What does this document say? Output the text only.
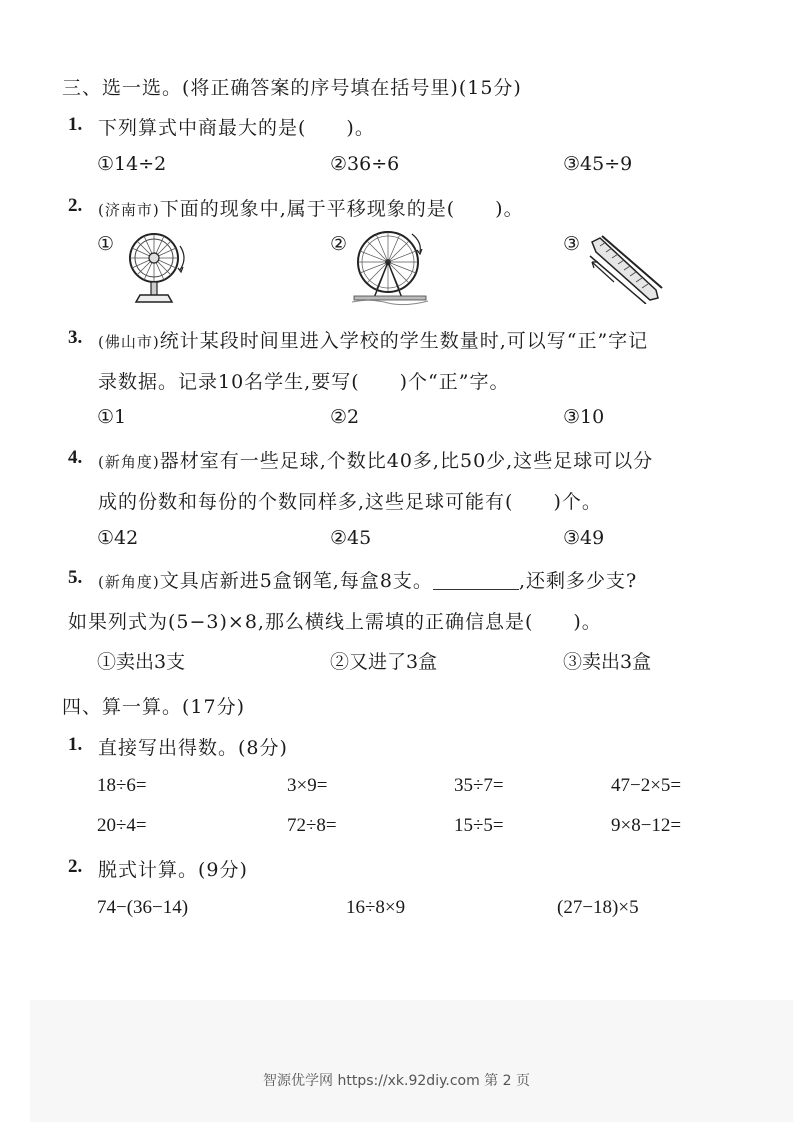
三、选一选。(将正确答案的序号填在括号里)(15分)
1. 下列算式中商最大的是(　　)。
①14÷2	②36÷6	③45÷9
2. (济南市)下面的现象中,属于平移现象的是(　　)。
①	②	③
3. (佛山市)统计某段时间里进入学校的学生数量时,可以写“正”字记
录数据。记录10名学生,要写(　　)个“正”字。
①1	②2	③10
4. (新角度)器材室有一些足球,个数比40多,比50少,这些足球可以分
成的份数和每份的个数同样多,这些足球可能有(　　)个。
①42	②45	③49
5. (新角度)文具店新进5盒钢笔,每盒8支。	,还剩多少支?
如果列式为(5−3)×8,那么横线上需填的正确信息是(　　)。
①卖出3支	②又进了3盒	③卖出3盒
四、算一算。(17分)
1. 直接写出得数。(8分)
18÷6=	3×9=	35÷7=	47−2×5=
20÷4=	72÷8=	15÷5=	9×8−12=
2. 脱式计算。(9分)
74−(36−14)	16÷8×9	(27−18)×5
智源优学网 https://xk.92diy.com 第 2 页
